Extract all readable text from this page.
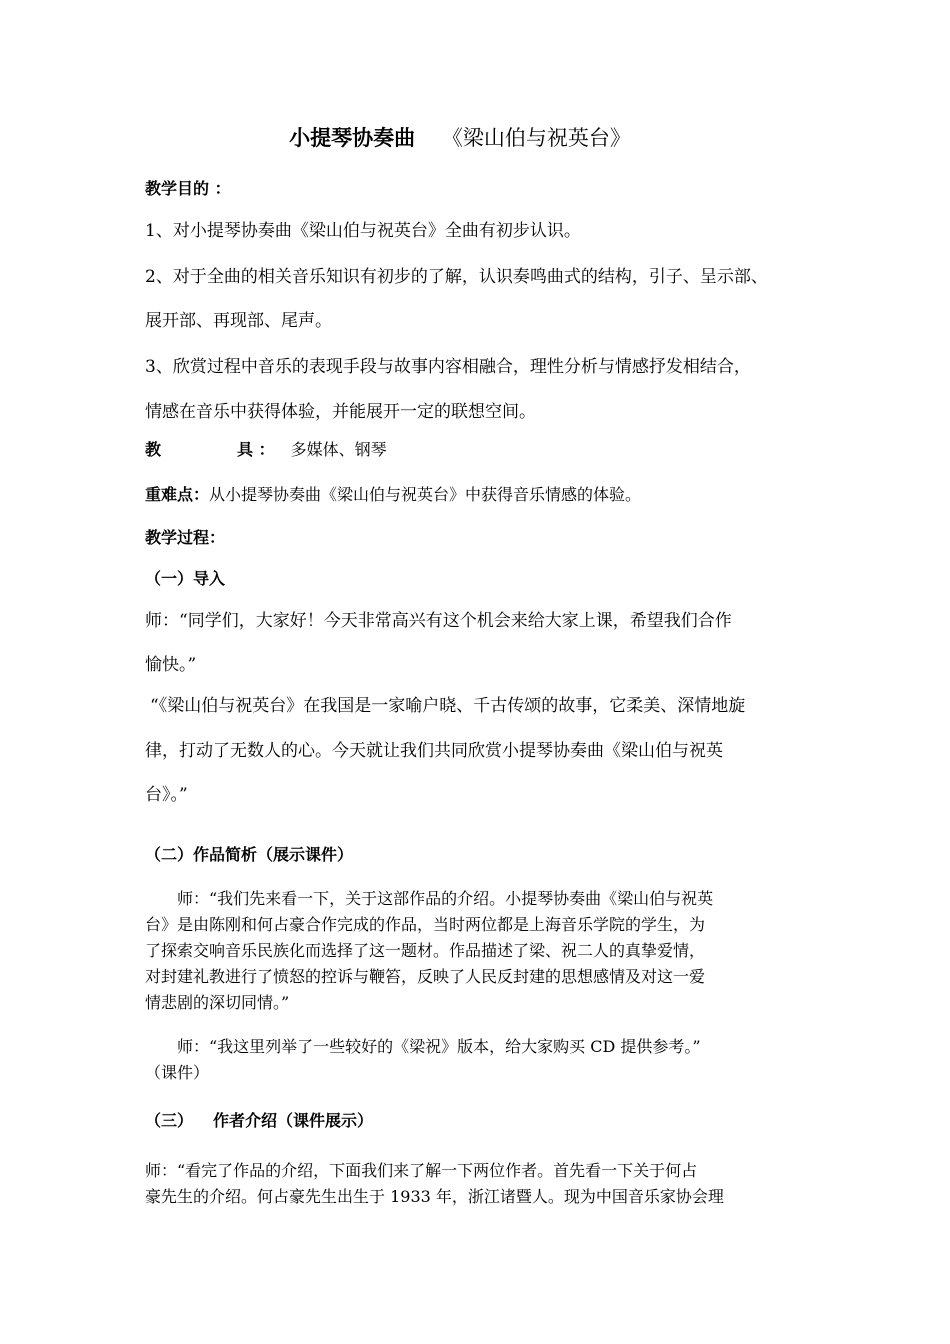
小提琴协奏曲 《梁山伯与祝英台》
教学目的 ：
1、对小提琴协奏曲《梁山伯与祝英台》全曲有初步认识。
2、对于全曲的相关音乐知识有初步的了解，认识奏鸣曲式的结构，引子、呈示部、
展开部、再现部、尾声。
3、欣赏过程中音乐的表现手段与故事内容相融合，理性分析与情感抒发相结合，
情感在音乐中获得体验，并能展开一定的联想空间。
教	具 ： 多媒体、钢琴
重难点：从小提琴协奏曲《梁山伯与祝英台》中获得音乐情感的体验。
教学过程：
（一）导入
师：“同学们，大家好！今天非常高兴有这个机会来给大家上课，希望我们合作
愉快。”
“《梁山伯与祝英台》在我国是一家喻户晓、千古传颂的故事，它柔美、深情地旋
律，打动了无数人的心。今天就让我们共同欣赏小提琴协奏曲《梁山伯与祝英
台》。”
（二）作品简析（展示课件）
师：“我们先来看一下，关于这部作品的介绍。小提琴协奏曲《梁山伯与祝英
台》是由陈刚和何占豪合作完成的作品，当时两位都是上海音乐学院的学生，为
了探索交响音乐民族化而选择了这一题材。作品描述了梁、祝二人的真挚爱情，
对封建礼教进行了愤怒的控诉与鞭笞，反映了人民反封建的思想感情及对这一爱
情悲剧的深切同情。”
师：“我这里列举了一些较好的《梁祝》版本，给大家购买 CD 提供参考。”
（课件）
（三） 作者介绍（课件展示）
师：“看完了作品的介绍，下面我们来了解一下两位作者。首先看一下关于何占
豪先生的介绍。何占豪先生出生于 1933 年，浙江诸暨人。现为中国音乐家协会理
